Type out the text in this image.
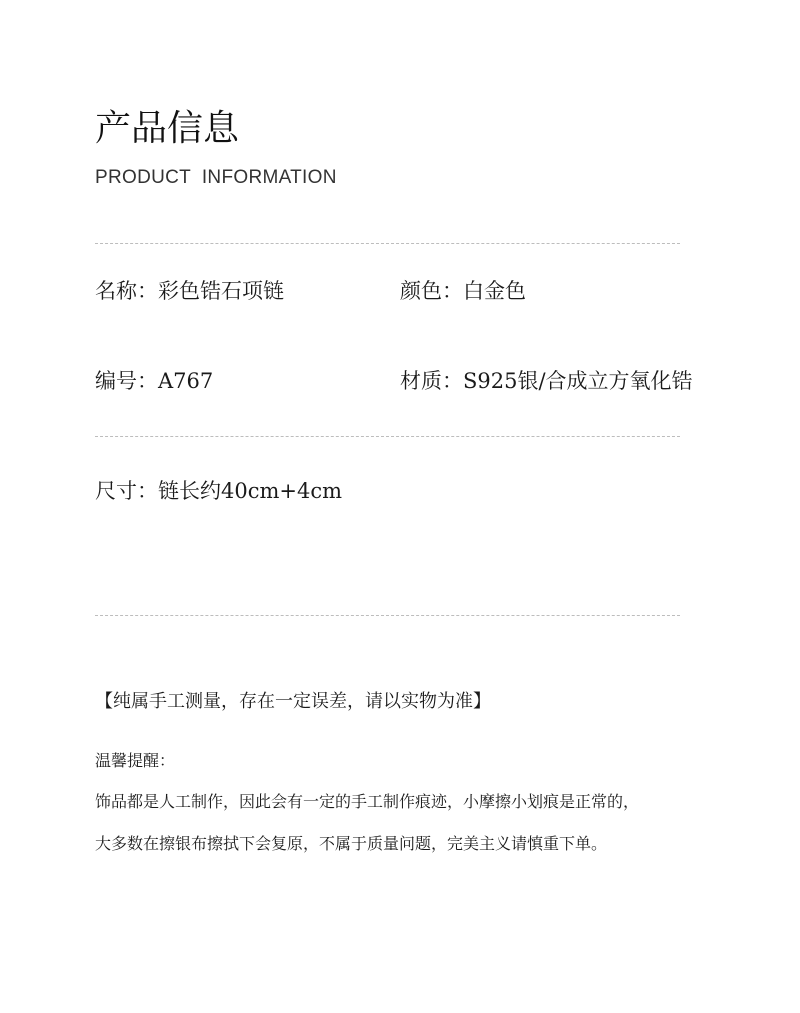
产品信息
PRODUCT  INFORMATION
名称：彩色锆石项链	颜色：白金色
编号：A767	材质：S925银/合成立方氧化锆
尺寸：链长约40cm+4cm
【纯属手工测量，存在一定误差，请以实物为准】
温馨提醒：
饰品都是人工制作，因此会有一定的手工制作痕迹，小摩擦小划痕是正常的，
大多数在擦银布擦拭下会复原，不属于质量问题，完美主义请慎重下单。
